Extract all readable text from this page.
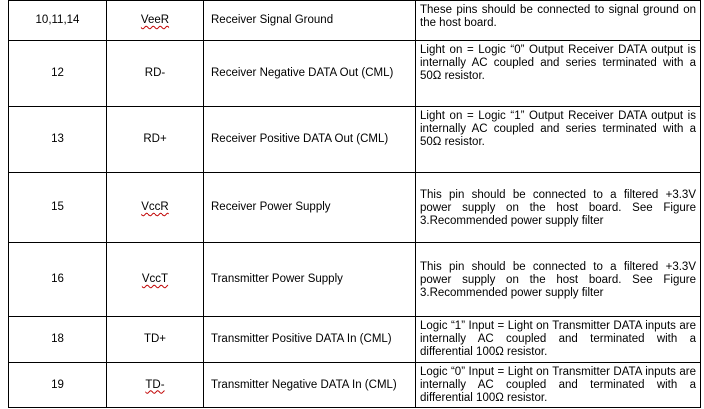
10,11,14	VeeR	Receiver Signal Ground	These pins should be connected to signal ground on the host board.
12	RD-	Receiver Negative DATA Out (CML)	Light on = Logic “0” Output Receiver DATA output is internally AC coupled and series terminated with a 50Ω resistor.
13	RD+	Receiver Positive DATA Out (CML)	Light on = Logic “1” Output Receiver DATA output is internally AC coupled and series terminated with a 50Ω resistor.
15	VccR	Receiver Power Supply	This pin should be connected to a filtered +3.3V power supply on the host board. See Figure 3.Recommended power supply filter
16	VccT	Transmitter Power Supply	This pin should be connected to a filtered +3.3V power supply on the host board. See Figure 3.Recommended power supply filter
18	TD+	Transmitter Positive DATA In (CML)	Logic “1” Input = Light on Transmitter DATA inputs are internally AC coupled and terminated with a differential 100Ω resistor.
19	TD-	Transmitter Negative DATA In (CML)	Logic “0” Input = Light on Transmitter DATA inputs are internally AC coupled and terminated with a differential 100Ω resistor.
